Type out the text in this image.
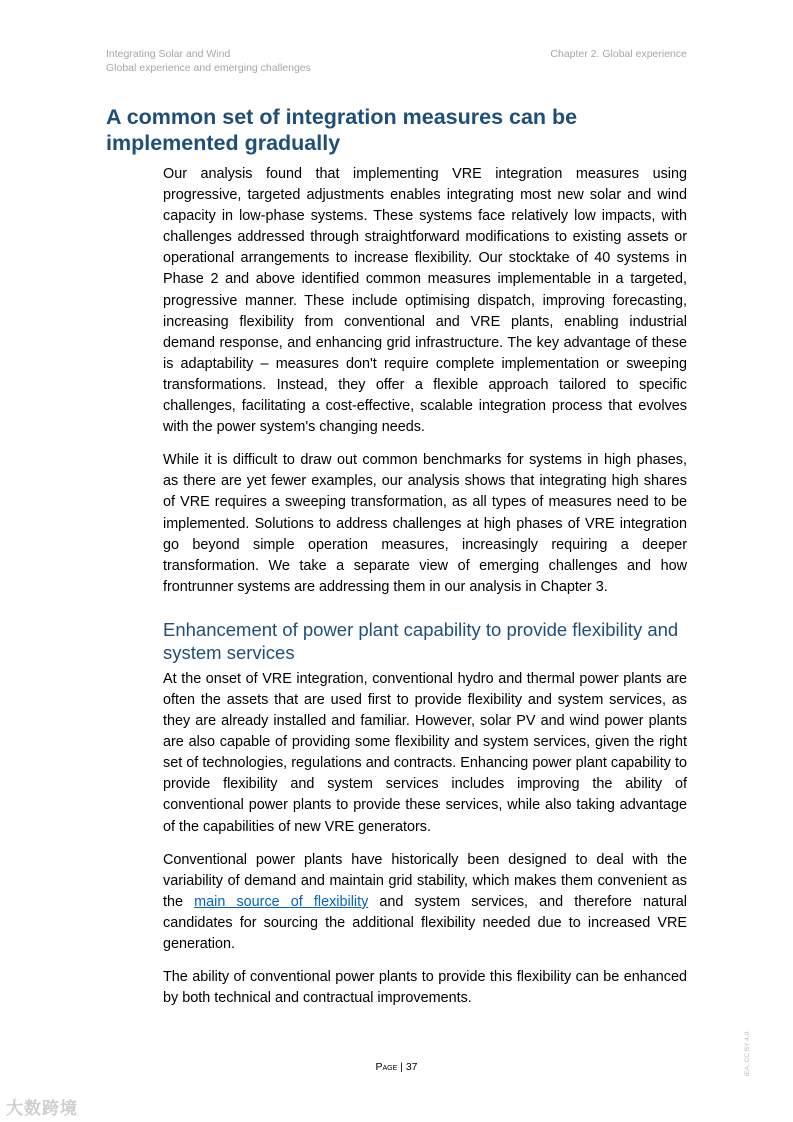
Integrating Solar and Wind
Global experience and emerging challenges
Chapter 2. Global experience
A common set of integration measures can be implemented gradually

Our analysis found that implementing VRE integration measures using progressive, targeted adjustments enables integrating most new solar and wind capacity in low-phase systems. These systems face relatively low impacts, with challenges addressed through straightforward modifications to existing assets or operational arrangements to increase flexibility. Our stocktake of 40 systems in Phase 2 and above identified common measures implementable in a targeted, progressive manner. These include optimising dispatch, improving forecasting, increasing flexibility from conventional and VRE plants, enabling industrial demand response, and enhancing grid infrastructure. The key advantage of these is adaptability – measures don't require complete implementation or sweeping transformations. Instead, they offer a flexible approach tailored to specific challenges, facilitating a cost-effective, scalable integration process that evolves with the power system's changing needs.

While it is difficult to draw out common benchmarks for systems in high phases, as there are yet fewer examples, our analysis shows that integrating high shares of VRE requires a sweeping transformation, as all types of measures need to be implemented. Solutions to address challenges at high phases of VRE integration go beyond simple operation measures, increasingly requiring a deeper transformation. We take a separate view of emerging challenges and how frontrunner systems are addressing them in our analysis in Chapter 3.

Enhancement of power plant capability to provide flexibility and system services

At the onset of VRE integration, conventional hydro and thermal power plants are often the assets that are used first to provide flexibility and system services, as they are already installed and familiar. However, solar PV and wind power plants are also capable of providing some flexibility and system services, given the right set of technologies, regulations and contracts. Enhancing power plant capability to provide flexibility and system services includes improving the ability of conventional power plants to provide these services, while also taking advantage of the capabilities of new VRE generators.

Conventional power plants have historically been designed to deal with the variability of demand and maintain grid stability, which makes them convenient as the main source of flexibility and system services, and therefore natural candidates for sourcing the additional flexibility needed due to increased VRE generation.

The ability of conventional power plants to provide this flexibility can be enhanced by both technical and contractual improvements.

Page | 37	IEA. CC BY 4.0.
大数跨境
